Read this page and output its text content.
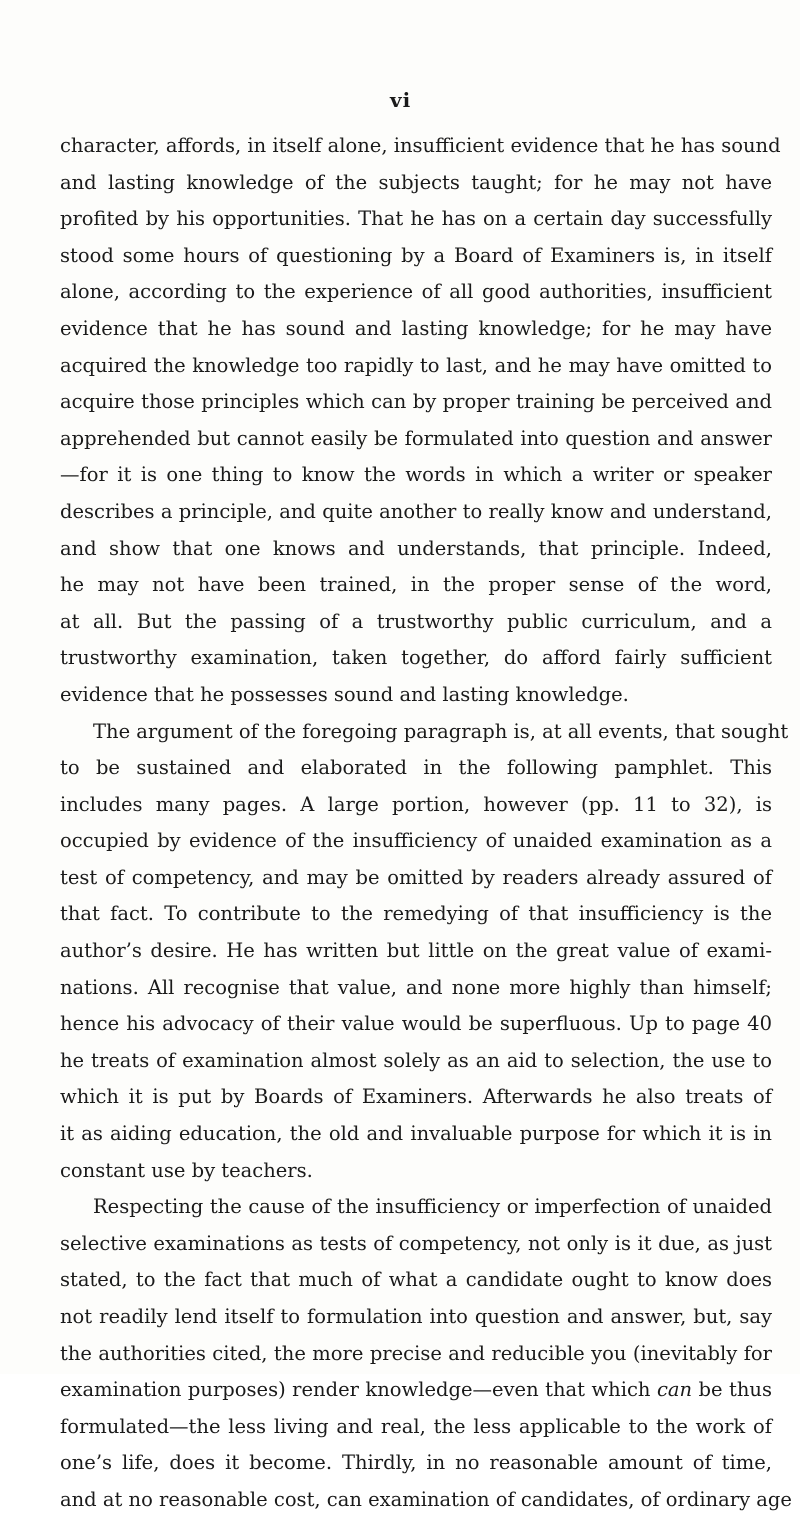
vi
character, affords, in itself alone, insufficient evidence that he has sound
and lasting knowledge of the subjects taught; for he may not have
profited by his opportunities. That he has on a certain day successfully
stood some hours of questioning by a Board of Examiners is, in itself
alone, according to the experience of all good authorities, insufficient
evidence that he has sound and lasting knowledge; for he may have
acquired the knowledge too rapidly to last, and he may have omitted to
acquire those principles which can by proper training be perceived and
apprehended but cannot easily be formulated into question and answer
—for it is one thing to know the words in which a writer or speaker
describes a principle, and quite another to really know and understand,
and show that one knows and understands, that principle. Indeed,
he may not have been trained, in the proper sense of the word,
at all. But the passing of a trustworthy public curriculum, and a
trustworthy examination, taken together, do afford fairly sufficient
evidence that he possesses sound and lasting knowledge.
The argument of the foregoing paragraph is, at all events, that sought
to be sustained and elaborated in the following pamphlet. This
includes many pages. A large portion, however (pp. 11 to 32), is
occupied by evidence of the insufficiency of unaided examination as a
test of competency, and may be omitted by readers already assured of
that fact. To contribute to the remedying of that insufficiency is the
author’s desire. He has written but little on the great value of exami-
nations. All recognise that value, and none more highly than himself;
hence his advocacy of their value would be superfluous. Up to page 40
he treats of examination almost solely as an aid to selection, the use to
which it is put by Boards of Examiners. Afterwards he also treats of
it as aiding education, the old and invaluable purpose for which it is in
constant use by teachers.
Respecting the cause of the insufficiency or imperfection of unaided
selective examinations as tests of competency, not only is it due, as just
stated, to the fact that much of what a candidate ought to know does
not readily lend itself to formulation into question and answer, but, say
the authorities cited, the more precise and reducible you (inevitably for
examination purposes) render knowledge—even that which can be thus
formulated—the less living and real, the less applicable to the work of
one’s life, does it become. Thirdly, in no reasonable amount of time,
and at no reasonable cost, can examination of candidates, of ordinary age
